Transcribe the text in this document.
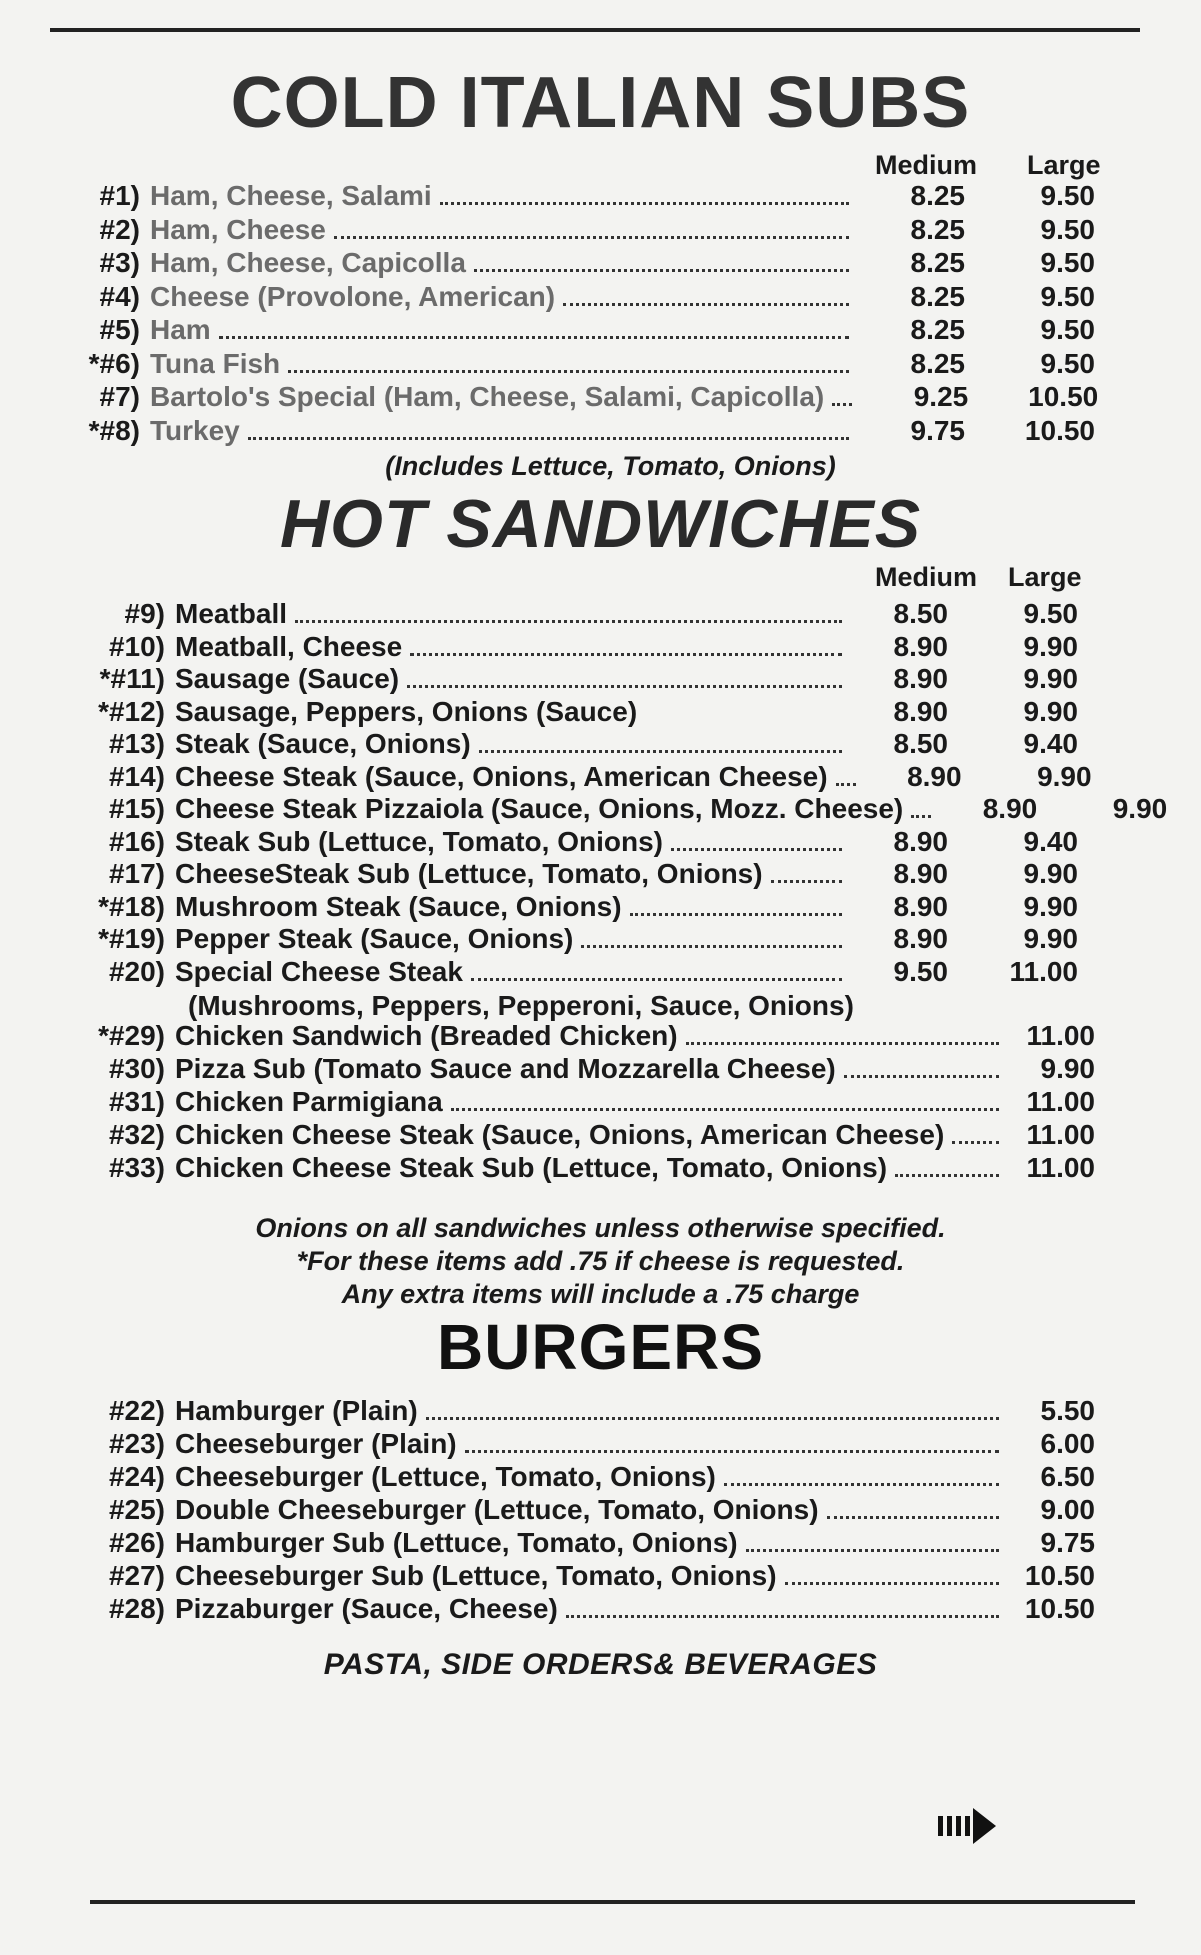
COLD ITALIAN SUBS
Medium Large
#1) Ham, Cheese, Salami	8.25	9.50
#2) Ham, Cheese	8.25	9.50
#3) Ham, Cheese, Capicolla	8.25	9.50
#4) Cheese (Provolone, American)	8.25	9.50
#5) Ham	8.25	9.50
*#6) Tuna Fish	8.25	9.50
#7) Bartolo's Special (Ham, Cheese, Salami, Capicolla)	9.25	10.50
*#8) Turkey	9.75	10.50
(Includes Lettuce, Tomato, Onions)
HOT SANDWICHES
Medium Large
#9) Meatball	8.50	9.50
#10) Meatball, Cheese	8.90	9.90
*#11) Sausage (Sauce)	8.90	9.90
*#12) Sausage, Peppers, Onions (Sauce)	8.90	9.90
#13) Steak (Sauce, Onions)	8.50	9.40
#14) Cheese Steak (Sauce, Onions, American Cheese)	8.90	9.90
#15) Cheese Steak Pizzaiola (Sauce, Onions, Mozz. Cheese)	8.90	9.90
#16) Steak Sub (Lettuce, Tomato, Onions)	8.90	9.40
#17) CheeseSteak Sub (Lettuce, Tomato, Onions)	8.90	9.90
*#18) Mushroom Steak (Sauce, Onions)	8.90	9.90
*#19) Pepper Steak (Sauce, Onions)	8.90	9.90
#20) Special Cheese Steak	9.50	11.00
(Mushrooms, Peppers, Pepperoni, Sauce, Onions)
*#29) Chicken Sandwich (Breaded Chicken)	11.00
#30) Pizza Sub (Tomato Sauce and Mozzarella Cheese)	9.90
#31) Chicken Parmigiana	11.00
#32) Chicken Cheese Steak (Sauce, Onions, American Cheese)	11.00
#33) Chicken Cheese Steak Sub (Lettuce, Tomato, Onions)	11.00

Onions on all sandwiches unless otherwise specified.

*For these items add .75 if cheese is requested.

Any extra items will include a .75 charge

BURGERS
#22) Hamburger (Plain)	5.50
#23) Cheeseburger (Plain)	6.00
#24) Cheeseburger (Lettuce, Tomato, Onions)	6.50
#25) Double Cheeseburger (Lettuce, Tomato, Onions)	9.00
#26) Hamburger Sub (Lettuce, Tomato, Onions)	9.75
#27) Cheeseburger Sub (Lettuce, Tomato, Onions)	10.50
#28) Pizzaburger (Sauce, Cheese)	10.50
PASTA, SIDE ORDERS& BEVERAGES
